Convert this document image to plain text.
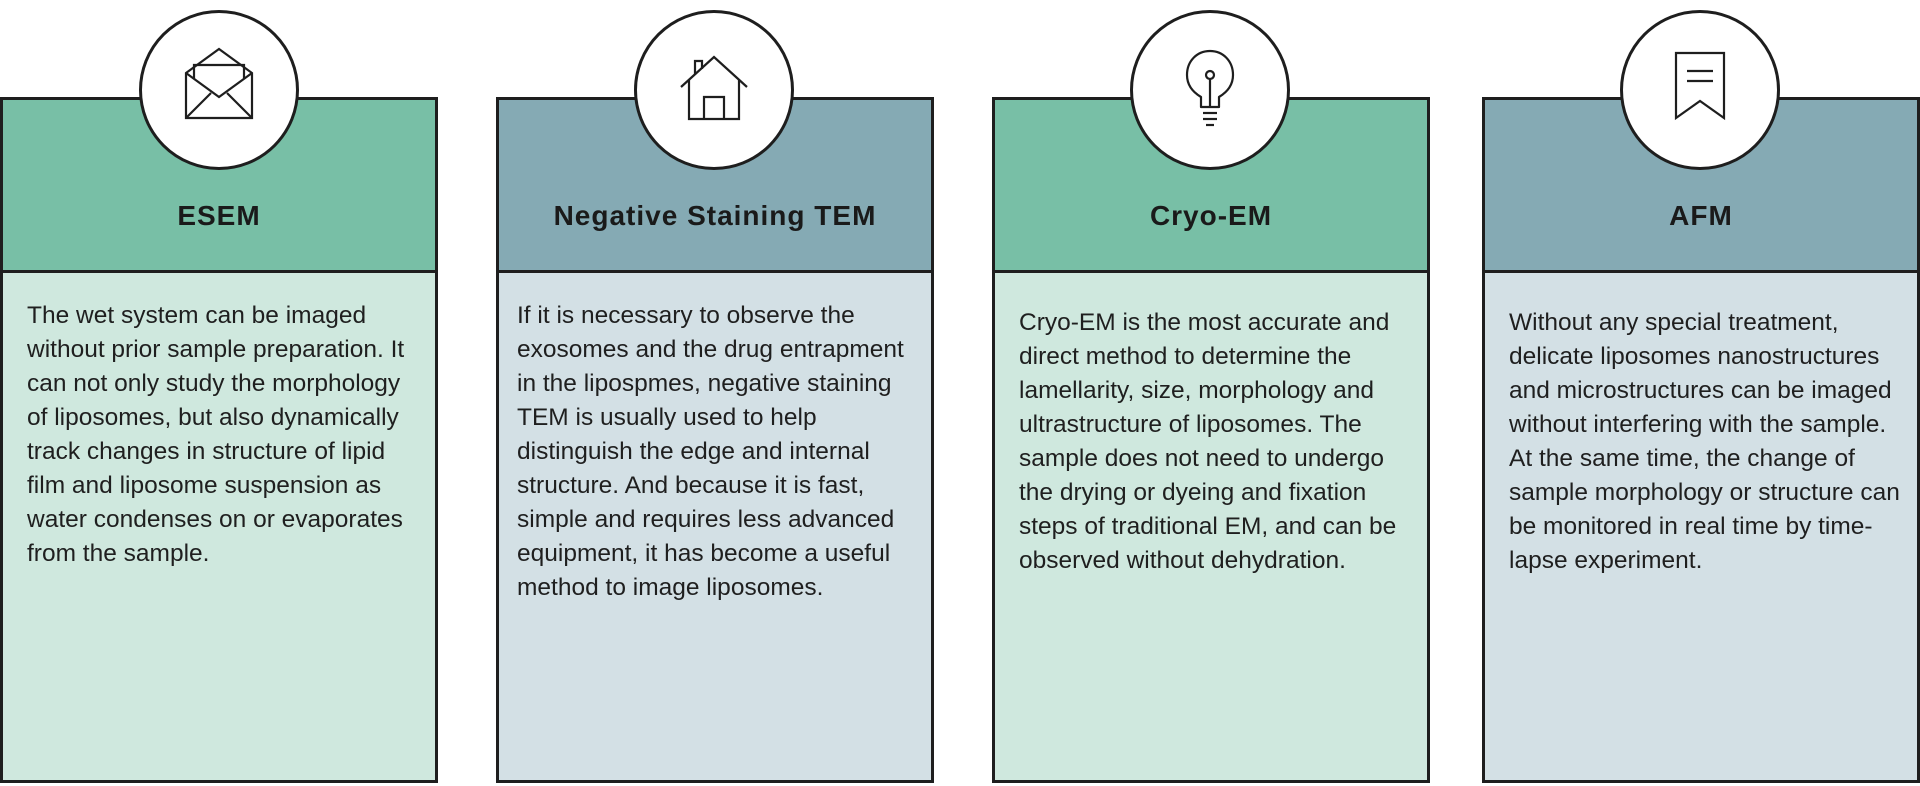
ESEM
The wet system can be imaged without prior sample preparation. It can not only study the morphology of liposomes, but also dynamically track changes in structure of lipid film and liposome suspension as water condenses on or evaporates from the sample.
Negative Staining TEM
If it is necessary to observe the exosomes and the drug entrapment in the lipospmes, negative staining TEM is usually used to help distinguish the edge and internal structure. And because it is fast, simple and requires less advanced equipment, it has become a useful method to image liposomes.
Cryo-EM
Cryo-EM is the most accurate and direct method to determine the lamellarity, size, morphology and ultrastructure of liposomes. The sample does not need to undergo the drying or dyeing and fixation steps of traditional EM, and can be observed without dehydration.
AFM
Without any special treatment, delicate liposomes nanostructures and microstructures can be imaged without interfering with the sample. At the same time, the change of sample morphology or structure can be monitored in real time by time-lapse experiment.
